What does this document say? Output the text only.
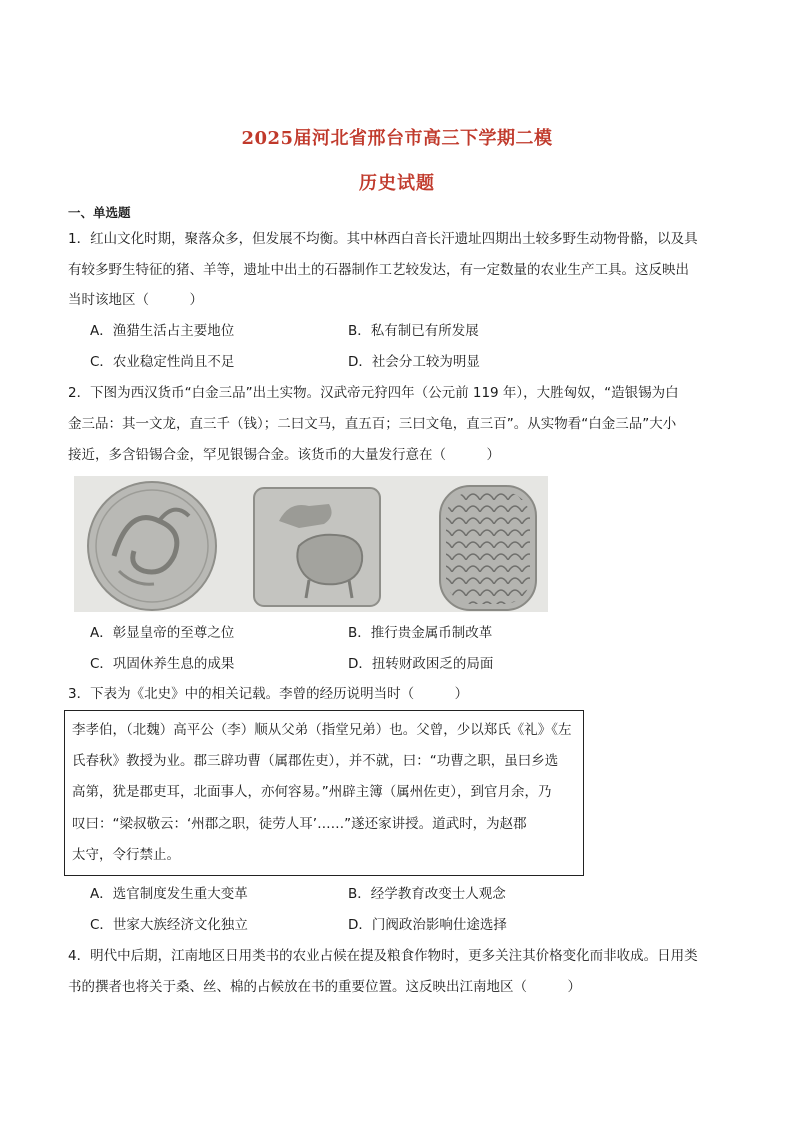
2025届河北省邢台市高三下学期二模
历史试题
一、单选题
1．红山文化时期，聚落众多，但发展不均衡。其中林西白音长汗遗址四期出土较多野生动物骨骼，以及具
有较多野生特征的猪、羊等，遗址中出土的石器制作工艺较发达，有一定数量的农业生产工具。这反映出
当时该地区（　　　）
A．渔猎生活占主要地位	B．私有制已有所发展
C．农业稳定性尚且不足	D．社会分工较为明显
2．下图为西汉货币“白金三品”出土实物。汉武帝元狩四年（公元前 119 年），大胜匈奴，“造银锡为白
金三品：其一文龙，直三千（钱）；二曰文马，直五百；三曰文龟，直三百”。从实物看“白金三品”大小
接近，多含铅锡合金，罕见银锡合金。该货币的大量发行意在（　　　）
A．彰显皇帝的至尊之位	B．推行贵金属币制改革
C．巩固休养生息的成果	D．扭转财政困乏的局面
3．下表为《北史》中的相关记载。李曾的经历说明当时（　　　）
李孝伯，（北魏）高平公（李）顺从父弟（指堂兄弟）也。父曾，少以郑氏《礼》《左
氏春秋》教授为业。郡三辟功曹（属郡佐吏），并不就，曰：“功曹之职，虽曰乡选
高第，犹是郡吏耳，北面事人，亦何容易。”州辟主簿（属州佐吏），到官月余，乃
叹曰：“梁叔敬云：‘州郡之职，徒劳人耳’……”遂还家讲授。道武时，为赵郡
太守，令行禁止。
A．选官制度发生重大变革	B．经学教育改变士人观念
C．世家大族经济文化独立	D．门阀政治影响仕途选择
4．明代中后期，江南地区日用类书的农业占候在提及粮食作物时，更多关注其价格变化而非收成。日用类
书的撰者也将关于桑、丝、棉的占候放在书的重要位置。这反映出江南地区（　　　）
